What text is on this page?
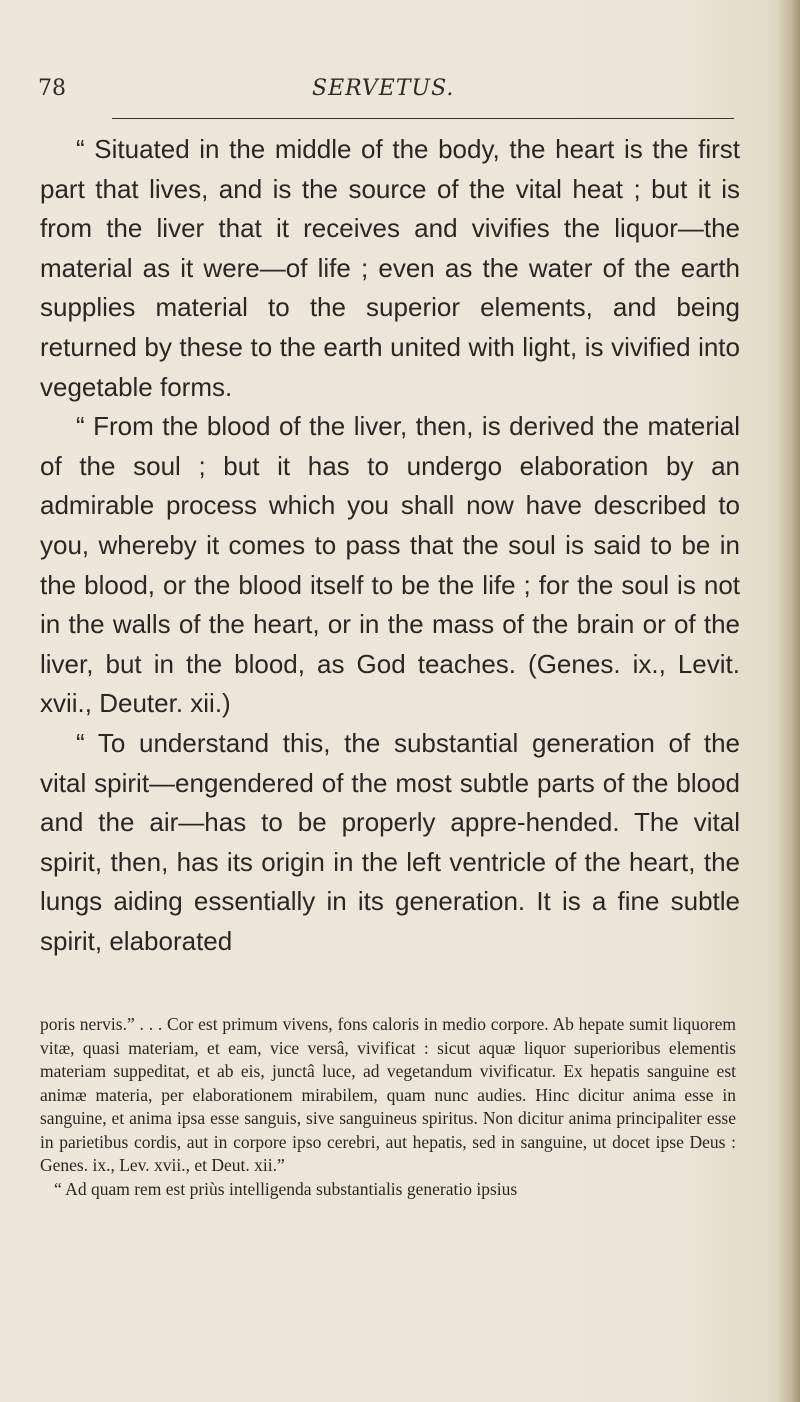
78	SERVETUS.

“ Situated in the middle of the body, the heart is the first part that lives, and is the source of the vital heat ; but it is from the liver that it receives and vivifies the liquor—the material as it were—of life ; even as the water of the earth supplies material to the superior elements, and being returned by these to the earth united with light, is vivified into vegetable forms.

“ From the blood of the liver, then, is derived the material of the soul ; but it has to undergo elaboration by an admirable process which you shall now have described to you, whereby it comes to pass that the soul is said to be in the blood, or the blood itself to be the life ; for the soul is not in the walls of the heart, or in the mass of the brain or of the liver, but in the blood, as God teaches. (Genes. ix., Levit. xvii., Deuter. xii.)

“ To understand this, the substantial generation of the vital spirit—engendered of the most subtle parts of the blood and the air—has to be properly appre-hended. The vital spirit, then, has its origin in the left ventricle of the heart, the lungs aiding essentially in its generation. It is a fine subtle spirit, elaborated

poris nervis.” . . . Cor est primum vivens, fons caloris in medio corpore. Ab hepate sumit liquorem vitæ, quasi materiam, et eam, vice versâ, vivificat : sicut aquæ liquor superioribus elementis materiam suppeditat, et ab eis, junctâ luce, ad vegetandum vivificatur. Ex hepatis sanguine est animæ materia, per elaborationem mirabilem, quam nunc audies. Hinc dicitur anima esse in sanguine, et anima ipsa esse sanguis, sive sanguineus spiritus. Non dicitur anima principaliter esse in parietibus cordis, aut in corpore ipso cerebri, aut hepatis, sed in sanguine, ut docet ipse Deus : Genes. ix., Lev. xvii., et Deut. xii.”

“ Ad quam rem est priùs intelligenda substantialis generatio ipsius
